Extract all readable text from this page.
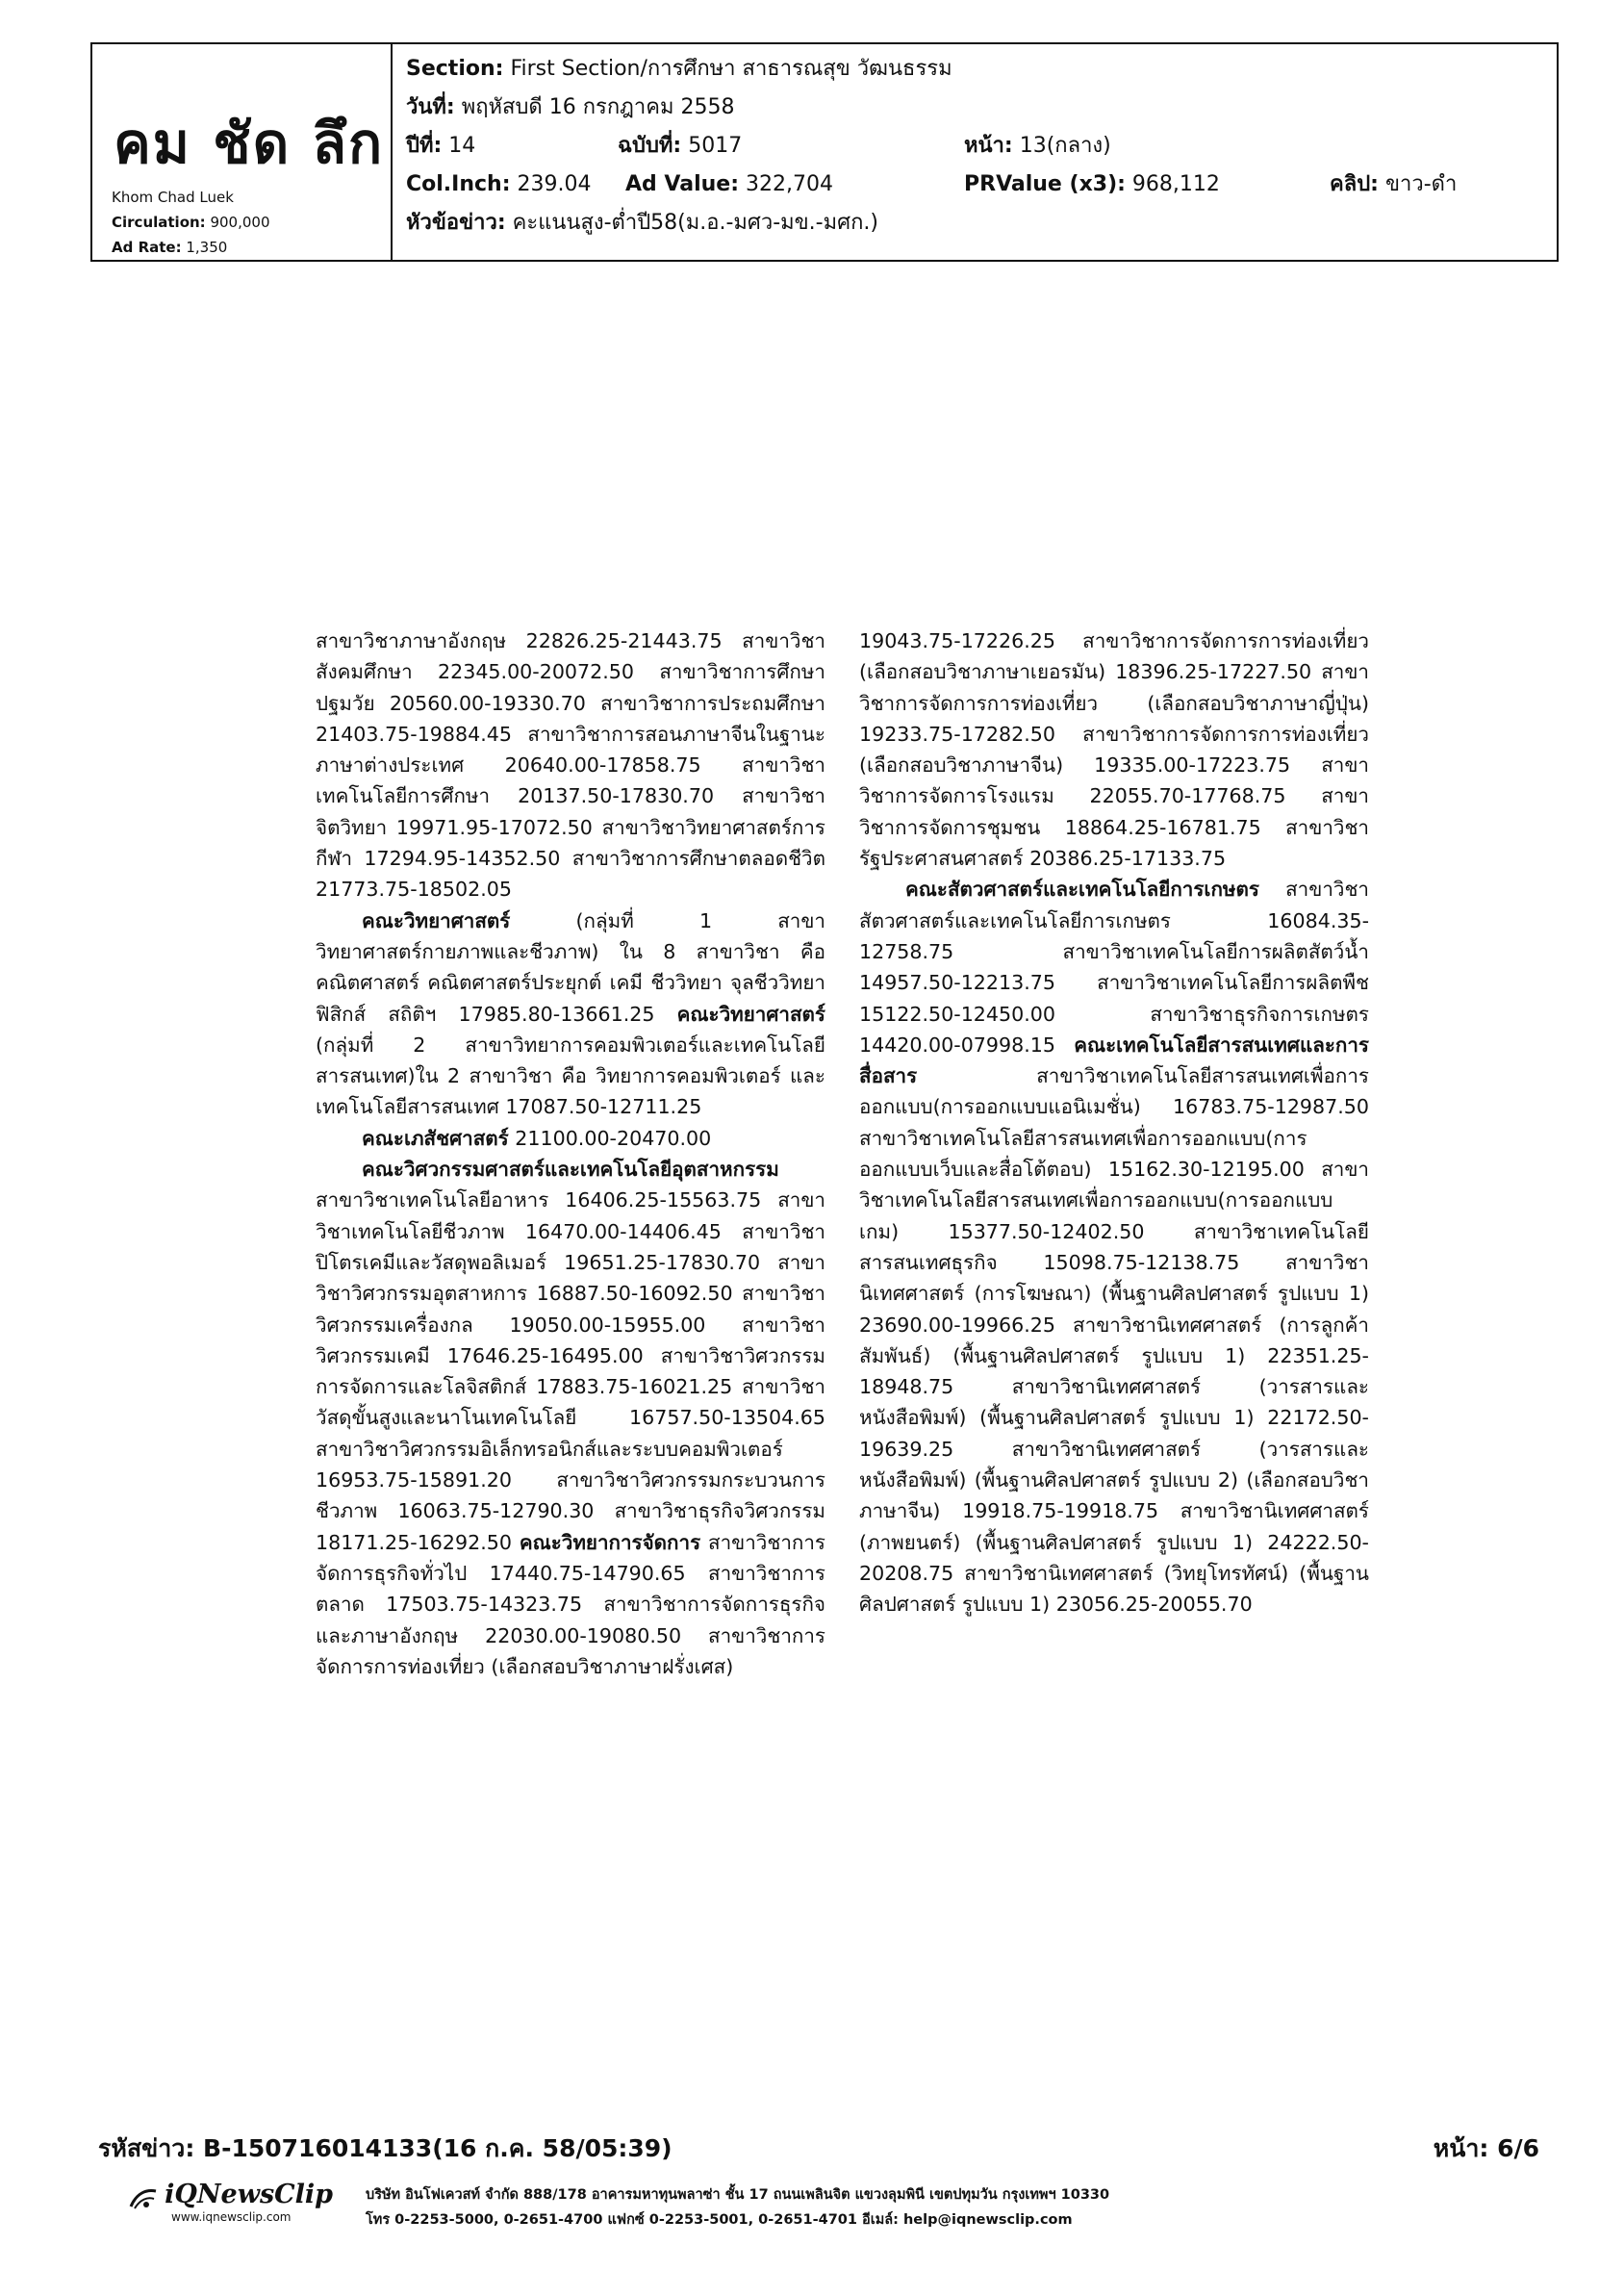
คม ชัด ลึก
Khom Chad Luek
Circulation: 900,000
Ad Rate: 1,350
Section: First Section/การศึกษา สาธารณสุข วัฒนธรรม
วันที่: พฤหัสบดี 16 กรกฎาคม 2558
ปีที่: 14	ฉบับที่: 5017	หน้า: 13(กลาง)
Col.Inch: 239.04 Ad Value: 322,704	PRValue (x3): 968,112	คลิป: ขาว-ดำ
หัวข้อข่าว: คะแนนสูง-ต่ำปี58(ม.อ.-มศว-มข.-มศก.)

สาขาวิชาภาษาอังกฤษ 22826.25-21443.75 สาขาวิชาสังคมศึกษา 22345.00-20072.50 สาขาวิชาการศึกษาปฐมวัย 20560.00-19330.70 สาขาวิชาการประถมศึกษา 21403.75-19884.45 สาขาวิชาการสอนภาษาจีนในฐานะภาษาต่างประเทศ 20640.00-17858.75 สาขาวิชาเทคโนโลยีการศึกษา 20137.50-17830.70 สาขาวิชาจิตวิทยา 19971.95-17072.50 สาขาวิชาวิทยาศาสตร์การกีฬา 17294.95-14352.50 สาขาวิชาการศึกษาตลอดชีวิต 21773.75-18502.05

คณะวิทยาศาสตร์ (กลุ่มที่ 1 สาขาวิทยาศาสตร์กายภาพและชีวภาพ) ใน 8 สาขาวิชา คือ คณิตศาสตร์ คณิตศาสตร์ประยุกต์ เคมี ชีววิทยา จุลชีววิทยา ฟิสิกส์ สถิติฯ 17985.80-13661.25 คณะวิทยาศาสตร์ (กลุ่มที่ 2 สาขาวิทยาการคอมพิวเตอร์และเทคโนโลยีสารสนเทศ)ใน 2 สาขาวิชา คือ วิทยาการคอมพิวเตอร์ และเทคโนโลยีสารสนเทศ 17087.50-12711.25

คณะเภสัชศาสตร์ 21100.00-20470.00

คณะวิศวกรรมศาสตร์และเทคโนโลยีอุตสาหกรรม สาขาวิชาเทคโนโลยีอาหาร 16406.25-15563.75 สาขาวิชาเทคโนโลยีชีวภาพ 16470.00-14406.45 สาขาวิชาปิโตรเคมีและวัสดุพอลิเมอร์ 19651.25-17830.70 สาขาวิชาวิศวกรรมอุตสาหการ 16887.50-16092.50 สาขาวิชาวิศวกรรมเครื่องกล 19050.00-15955.00 สาขาวิชาวิศวกรรมเคมี 17646.25-16495.00 สาขาวิชาวิศวกรรมการจัดการและโลจิสติกส์ 17883.75-16021.25 สาขาวิชาวัสดุขั้นสูงและนาโนเทคโนโลยี 16757.50-13504.65 สาขาวิชาวิศวกรรมอิเล็กทรอนิกส์และระบบคอมพิวเตอร์ 16953.75-15891.20 สาขาวิชาวิศวกรรมกระบวนการชีวภาพ 16063.75-12790.30 สาขาวิชาธุรกิจวิศวกรรม 18171.25-16292.50 คณะวิทยาการจัดการ สาขาวิชาการจัดการธุรกิจทั่วไป 17440.75-14790.65 สาขาวิชาการตลาด 17503.75-14323.75 สาขาวิชาการจัดการธุรกิจและภาษาอังกฤษ 22030.00-19080.50 สาขาวิชาการจัดการการท่องเที่ยว (เลือกสอบวิชาภาษาฝรั่งเศส)

19043.75-17226.25 สาขาวิชาการจัดการการท่องเที่ยว (เลือกสอบวิชาภาษาเยอรมัน) 18396.25-17227.50 สาขาวิชาการจัดการการท่องเที่ยว (เลือกสอบวิชาภาษาญี่ปุ่น) 19233.75-17282.50 สาขาวิชาการจัดการการท่องเที่ยว (เลือกสอบวิชาภาษาจีน) 19335.00-17223.75 สาขาวิชาการจัดการโรงแรม 22055.70-17768.75 สาขาวิชาการจัดการชุมชน 18864.25-16781.75 สาขาวิชารัฐประศาสนศาสตร์ 20386.25-17133.75

คณะสัตวศาสตร์และเทคโนโลยีการเกษตร สาขาวิชาสัตวศาสตร์และเทคโนโลยีการเกษตร 16084.35-12758.75 สาขาวิชาเทคโนโลยีการผลิตสัตว์น้ำ 14957.50-12213.75 สาขาวิชาเทคโนโลยีการผลิตพืช 15122.50-12450.00 สาขาวิชาธุรกิจการเกษตร 14420.00-07998.15 คณะเทคโนโลยีสารสนเทศและการสื่อสาร สาขาวิชาเทคโนโลยีสารสนเทศเพื่อการออกแบบ(การออกแบบแอนิเมชั่น) 16783.75-12987.50 สาขาวิชาเทคโนโลยีสารสนเทศเพื่อการออกแบบ(การออกแบบเว็บและสื่อโต้ตอบ) 15162.30-12195.00 สาขาวิชาเทคโนโลยีสารสนเทศเพื่อการออกแบบ(การออกแบบเกม) 15377.50-12402.50 สาขาวิชาเทคโนโลยีสารสนเทศธุรกิจ 15098.75-12138.75 สาขาวิชานิเทศศาสตร์ (การโฆษณา) (พื้นฐานศิลปศาสตร์ รูปแบบ 1) 23690.00-19966.25 สาขาวิชานิเทศศาสตร์ (การลูกค้าสัมพันธ์) (พื้นฐานศิลปศาสตร์ รูปแบบ 1) 22351.25-18948.75 สาขาวิชานิเทศศาสตร์ (วารสารและหนังสือพิมพ์) (พื้นฐานศิลปศาสตร์ รูปแบบ 1) 22172.50-19639.25 สาขาวิชานิเทศศาสตร์ (วารสารและหนังสือพิมพ์) (พื้นฐานศิลปศาสตร์ รูปแบบ 2) (เลือกสอบวิชาภาษาจีน) 19918.75-19918.75 สาขาวิชานิเทศศาสตร์ (ภาพยนตร์) (พื้นฐานศิลปศาสตร์ รูปแบบ 1) 24222.50-20208.75 สาขาวิชานิเทศศาสตร์ (วิทยุโทรทัศน์) (พื้นฐานศิลปศาสตร์ รูปแบบ 1) 23056.25-20055.70

รหัสข่าว: B-150716014133(16 ก.ค. 58/05:39)	หน้า: 6/6
iQNewsClip
www.iqnewsclip.com
บริษัท อินโฟเควสท์ จำกัด 888/178 อาคารมหาทุนพลาซ่า ชั้น 17 ถนนเพลินจิต แขวงลุมพินี เขตปทุมวัน กรุงเทพฯ 10330
โทร 0-2253-5000, 0-2651-4700 แฟกซ์ 0-2253-5001, 0-2651-4701 อีเมล์: help@iqnewsclip.com
